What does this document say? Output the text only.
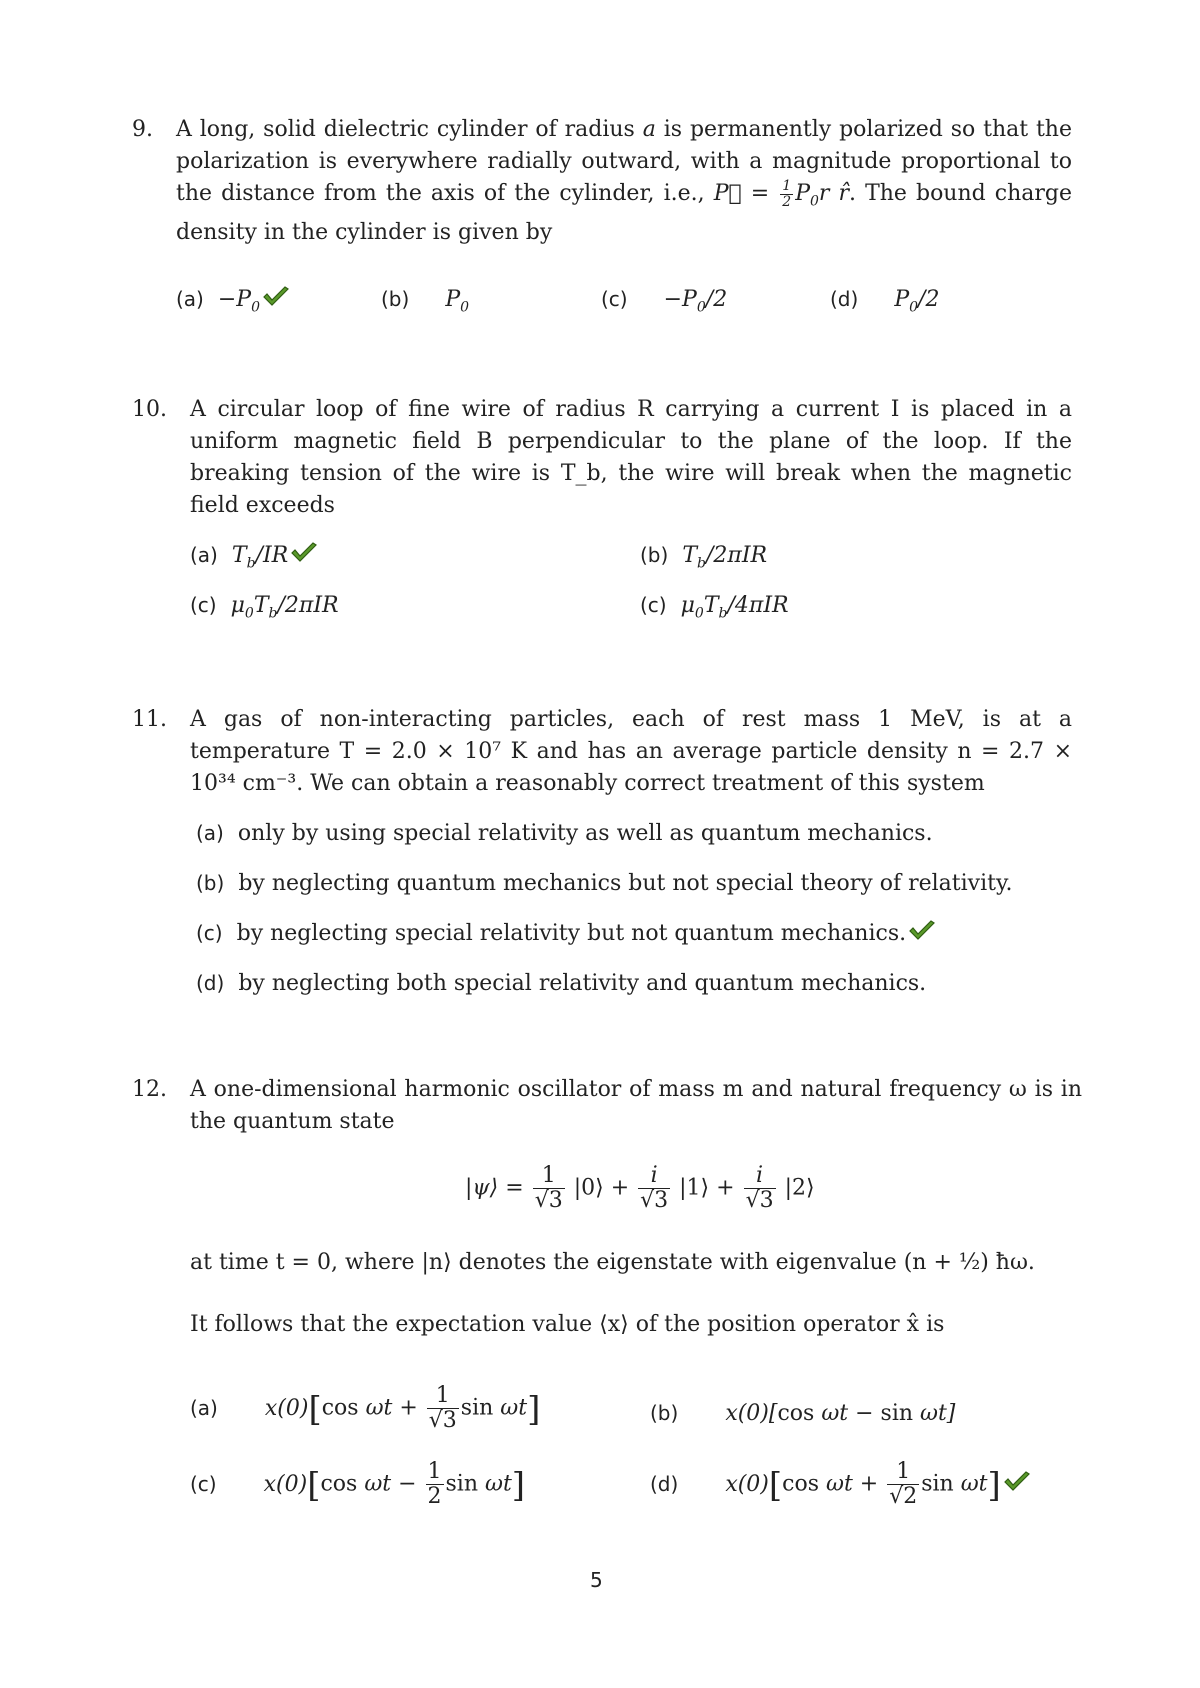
9. A long, solid dielectric cylinder of radius a is permanently polarized so that the polarization is everywhere radially outward, with a magnitude proportional to the distance from the axis of the cylinder, i.e., P⃗ = $\frac{1}{2} P_0r$ r̂. The bound charge density in the cylinder is given by
$(a) -P_0$	(b) $P_0$	$(c) -P_0/2$	(d) $P_0/2$
10. A circular loop of fine wire of radius R carrying a current I is placed in a uniform magnetic field B perpendicular to the plane of the loop. If the breaking tension of the wire is T_b, the wire will break when the magnetic field exceeds
(a) $T_b/IR$	(b) $T_b/2\pi IR$
(c) $\mu_0T_b/2\pi IR$	(c) $\mu_0T_b/4\pi IR$
11. A gas of non-interacting particles, each of rest mass 1 MeV, is at a temperature T = 2.0 × 10⁷ K and has an average particle density n = 2.7 × 10³⁴ cm⁻³. We can obtain a reasonably correct treatment of this system
(a) only by using special relativity as well as quantum mechanics.
(b) by neglecting quantum mechanics but not special theory of relativity.
(c) by neglecting special relativity but not quantum mechanics.
(d) by neglecting both special relativity and quantum mechanics.
12. A one-dimensional harmonic oscillator of mass m and natural frequency ω is in the quantum state
|ψ⟩ = $\frac{1}{√3}$ |0⟩ + $\frac{i}{√3}$ |1⟩ + $\frac{i}{√3}$ |2⟩
at time t = 0, where |n⟩ denotes the eigenstate with eigenvalue (n + ½) ħω.
It follows that the expectation value ⟨x⟩ of the position operator x̂ is
(a) x(0)[cos $\omega t + \frac{1}{√3}$ sin ωt]	(b) x(0)[cos ωt − sin ωt]
(c) x(0)[cos $\omega t - \frac{1}{2}$ sin ωt]	(d) x(0)[cos $\omega t + \frac{1}{√2}$ sin ωt]
5
